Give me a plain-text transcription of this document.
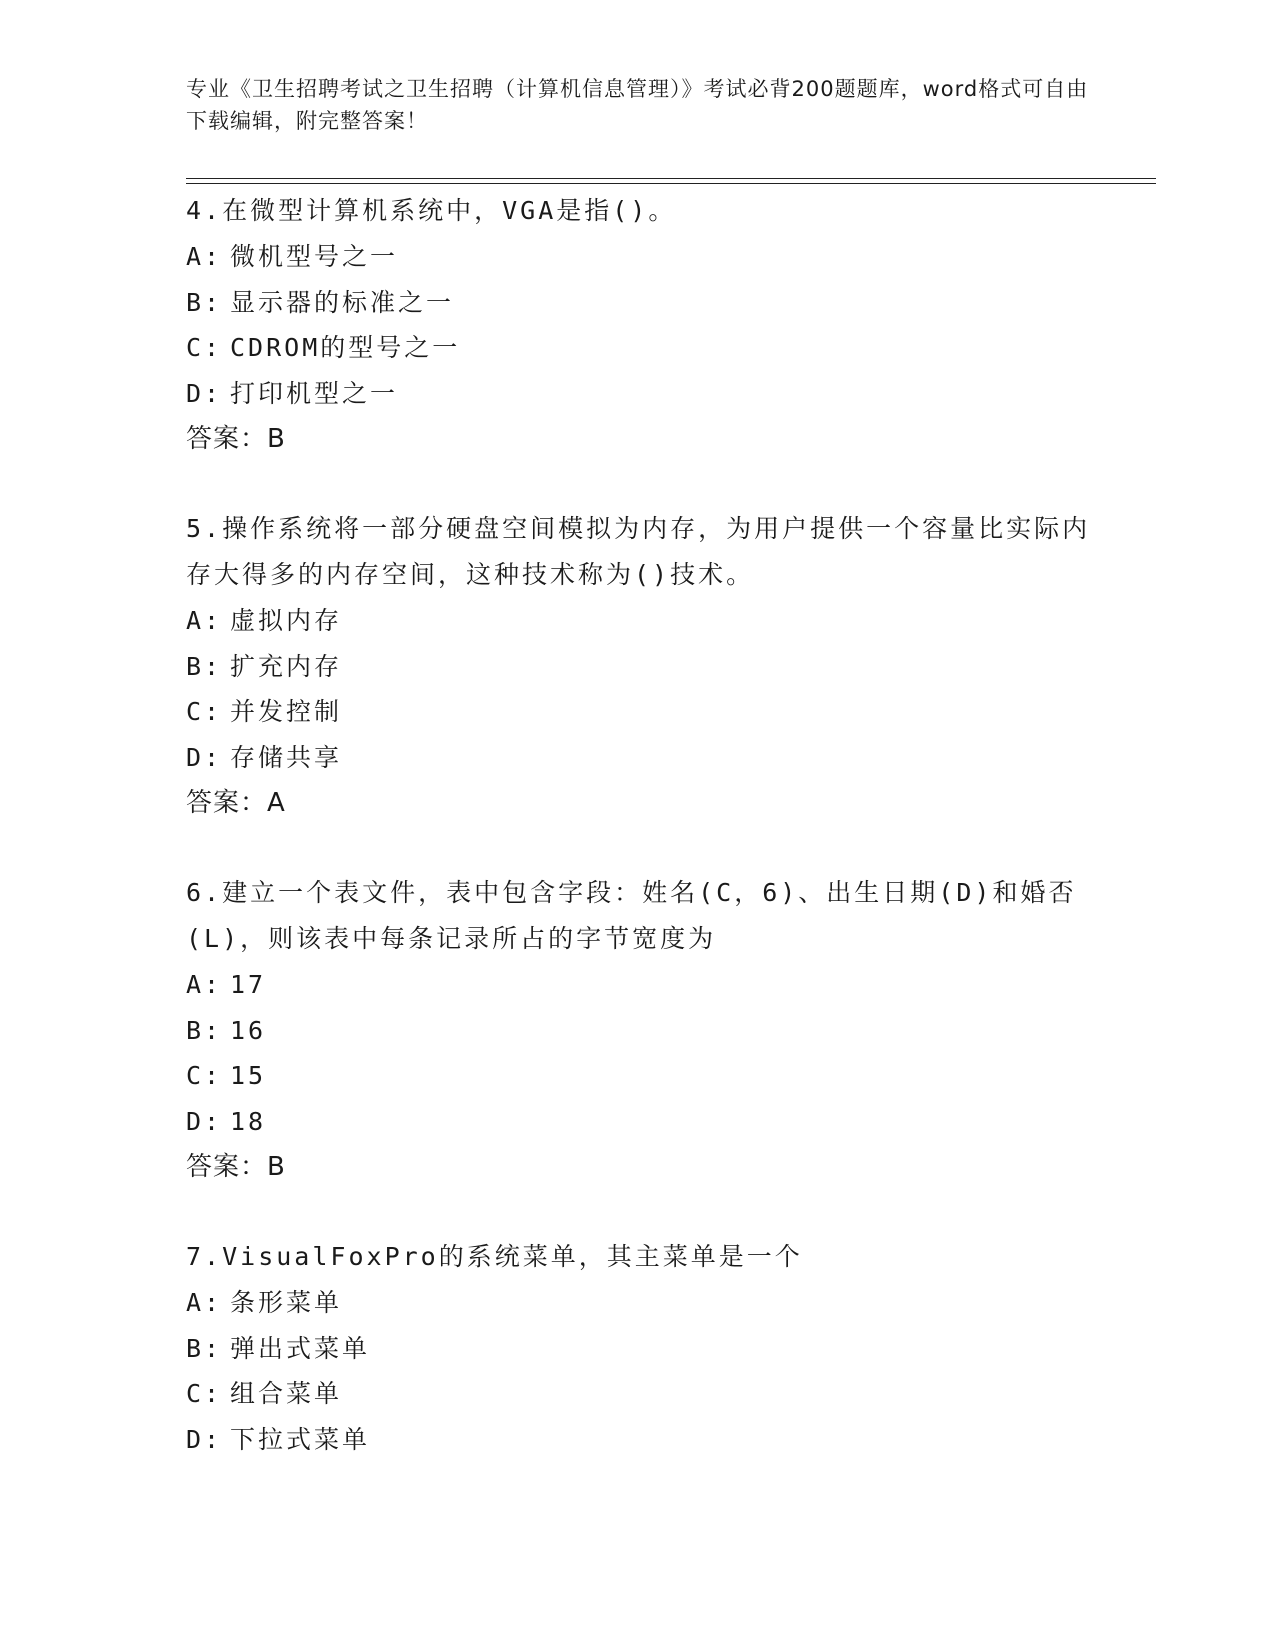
专业《卫生招聘考试之卫生招聘（计算机信息管理）》考试必背200题题库，word格式可自由下载编辑，附完整答案！

4.在微型计算机系统中，VGA是指()。

A: 微机型号之一

B: 显示器的标准之一

C: CDROM的型号之一

D: 打印机型之一

答案：B

5.操作系统将一部分硬盘空间模拟为内存，为用户提供一个容量比实际内存大得多的内存空间，这种技术称为()技术。

A: 虚拟内存

B: 扩充内存

C: 并发控制

D: 存储共享

答案：A

6.建立一个表文件，表中包含字段：姓名(C，6)、出生日期(D)和婚否(L)，则该表中每条记录所占的字节宽度为

A: 17

B: 16

C: 15

D: 18

答案：B

7.VisualFoxPro的系统菜单，其主菜单是一个

A: 条形菜单

B: 弹出式菜单

C: 组合菜单

D: 下拉式菜单
